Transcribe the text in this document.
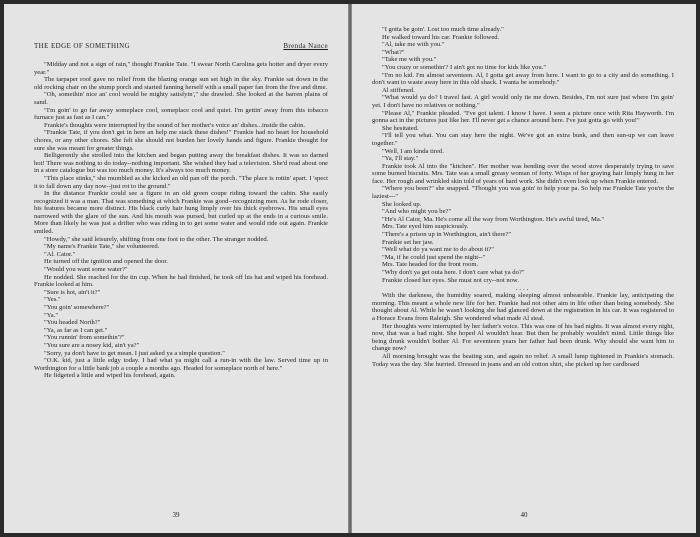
THE EDGE OF SOMETHING	Brenda Nance

"Midday and not a sign of rain," thought Frankie Tate. "I swear North Carolina gets hotter and dryer every year."

The tarpaper roof gave no relief from the blazing orange sun set high in the sky. Frankie sat down in the old rocking chair on the stump porch and started fanning herself with a small paper fan from the five and dime.

"Oh, somethin' nice an' cool would be mighty satisfyin'," she drawled. She looked at the barren plains of sand.

"I'm goin' to go far away someplace cool, someplace cool and quiet. I'm gettin' away from this tobacco furnace just as fast as I can."

Frankie's thoughts were interrupted by the sound of her mother's voice an' dishes...inside the cabin.

"Frankie Tate, if you don't get in here an help me stack these dishes!" Frankie had no heart for household chores, or any other chores. She felt she should not burden her lovely hands and figure. Frankie thought for sure she was meant for greater things.

Belligerently she strolled into the kitchen and began putting away the breakfast dishes. It was so darned hot! There was nothing to do today--nothing important. She wished they had a television. She'd read about one in a store catalogue but was too much money. It's always too much money.

"This place stinks," she mumbled as she kicked an old pan off the porch. "The place is rottin' apart. I 'spect it to fall down any day now--just rot to the ground."

In the distance Frankie could see a figure in an old green coupe riding toward the cabin. She easily recognized it was a man. That was something at which Frankie was good--recognizing men. As he rode closer, his features became more distinct. His black curly hair hung limply over his thick eyebrows. His small eyes narrowed with the glare of the sun. And his mouth was pursed, but curled up at the ends in a curious smile. More than likely he was just a drifter who was riding in to get some water and would ride out again. Frankie smiled.

"Howdy," she said leisurely, shifting from one foot to the other. The stranger nodded.

"My name's Frankie Tate," she volunteered.

"Al. Cator."

He turned off the ignition and opened the door.

"Would you want some water?"

He nodded. She reached for the tin cup. When he had finished, he took off his hat and wiped his forehead. Frankie looked at him.

"Sure is hot, ain't it?"

"Yes."

"You goin' somewhere?"

"Ya."

"You headed North?"

"Ya, as far as I can get."

"You runnin' from somethin'?"

"You sure are a nosey kid, ain't ya?"

"Sorry, ya don't have to get mean. I just asked ya a simple question."

"O.K. kid, just a little edgy today. I had what ya might call a run-in with the law. Served time up in Worthington for a little bank job a couple a months ago. Headed for someplace north of here."

He fidgeted a little and wiped his forehead, again.

39

"I gotta be goin'. Lost too much time already."

He walked toward his car. Frankie followed.

"Al, take me with you."

"What?"

"Take me with you."

"You crazy or somethin'? I ain't got no time for kids like you."

"I'm no kid. I'm almost seventeen. Al, I gotta get away from here. I want to go to a city and do something. I don't want to waste away here in this old shack. I wanta be somebody."

Al stiffened.

"What would ya do? I travel fast. A girl would only tie me down. Besides, I'm not sure just where I'm goin' yet. I don't have no relatives or nothing."

"Please Al," Frankie pleaded. "I've got talent. I know I have. I seen a picture once with Rita Hayworth. I'm gonna act in the pictures just like her. I'll never get a chance around here. I've just gotta go with you!"

She hesitated.

"I'll tell you what. You can stay here the night. We've got an extra bunk, and then sun-up we can leave together."

"Well, I am kinda tired.

"Ya, I'll stay."

Frankie took Al into the "kitchen". Her mother was bending over the wood stove desperately trying to save some burned biscuits. Mrs. Tate was a small greasy woman of forty. Wisps of her graying hair limply hung in her face. Her rough and wrinkled skin told of years of hard work. She didn't even look up when Frankie entered.

"Where you been?" she snapped. "Thought you was goin' to help your pa. So help me Frankie Tate you're the laziest---"

She looked up.

"And who might you be?"

"He's Al Cator, Ma. He's come all the way from Worthington. He's awful tired, Ma."

Mrs. Tate eyed him suspiciously.

"There's a prison up in Worthington, ain't there?"

Frankie set her jaw.

"Well what do ya want me to do about it?"

"Ma, if he could just spend the night--"

Mrs. Tate headed for the front room.

"Why don't ya get outa here. I don't care what ya do?"

Frankie closed her eyes. She must not cry--not now.

....

With the darkness, the humidity soared, making sleeping almost unbearable. Frankie lay, anticipating the morning. This meant a whole new life for her. Frankie had not other aim in life other than being somebody. She thought about Al. While he wasn't looking she had glanced down at the registration in his car. It was registered to a Horace Evans from Raleigh. She wondered what made Al steal.

Her thoughts were interrupted by her father's voice. This was one of his bad nights. It was almost every night, now, that was a bad night. She hoped Al wouldn't hear. But then he probably wouldn't mind. Little things like being drunk wouldn't bother Al. For seventeen years her father had been drunk. Why should she want him to change now?

All morning brought was the beating sun, and again no relief. A small lump tightened in Frankie's stomach. Today was the day. She hurried. Dressed in jeans and an old cotton shirt, she picked up her cardboard

40
